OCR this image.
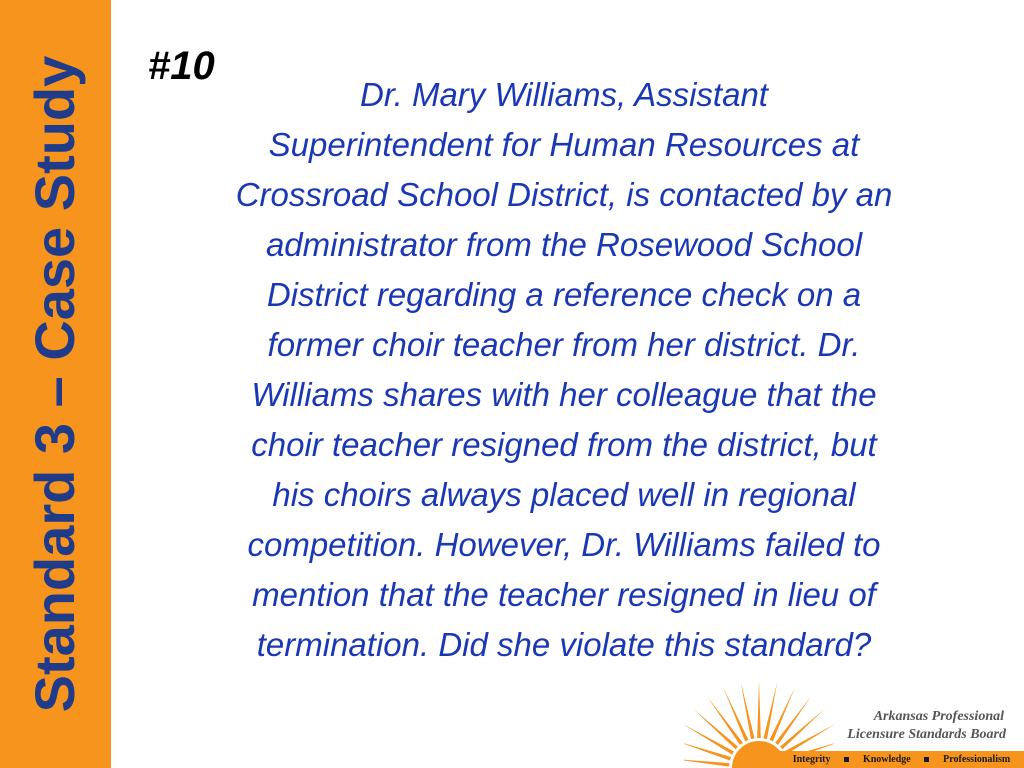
Standard 3 – Case Study #10

Dr. Mary Williams, Assistant
Superintendent for Human Resources at
Crossroad School District, is contacted by an
administrator from the Rosewood School
District regarding a reference check on a
former choir teacher from her district. Dr.
Williams shares with her colleague that the
choir teacher resigned from the district, but
his choirs always placed well in regional
competition. However, Dr. Williams failed to
mention that the teacher resigned in lieu of
termination. Did she violate this standard?

Arkansas Professional
Licensure Standards Board
Integrity	Knowledge	Professionalism
